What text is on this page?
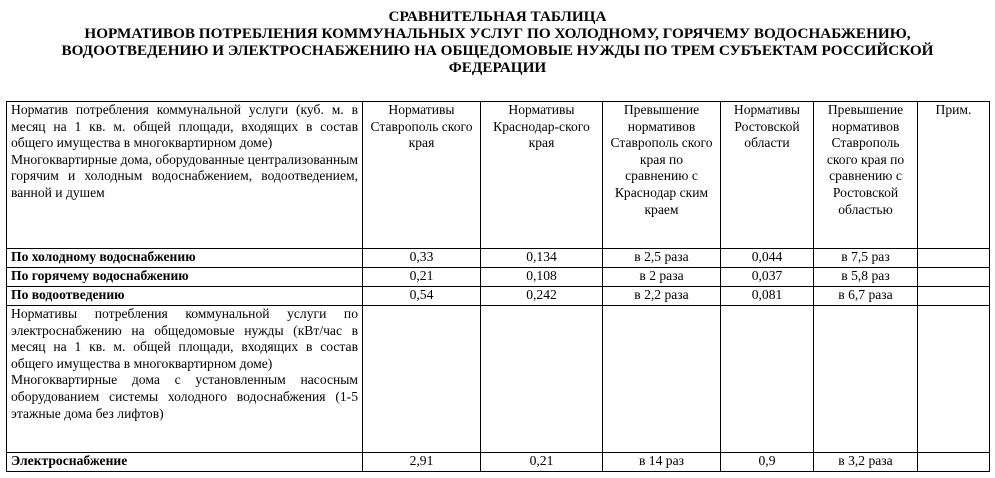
СРАВНИТЕЛЬНАЯ ТАБЛИЦА
НОРМАТИВОВ ПОТРЕБЛЕНИЯ КОММУНАЛЬНЫХ УСЛУГ ПО ХОЛОДНОМУ, ГОРЯЧЕМУ ВОДОСНАБЖЕНИЮ,
ВОДООТВЕДЕНИЮ И ЭЛЕКТРОСНАБЖЕНИЮ НА ОБЩЕДОМОВЫЕ НУЖДЫ ПО ТРЕМ СУБЪЕКТАМ РОССИЙСКОЙ
ФЕДЕРАЦИИ

Норматив потребления коммунальной услуги (куб. м. в месяц на 1 кв. м. общей площади, входящих в состав общего имущества в многоквартирном доме)

Многоквартирные дома, оборудованные централизованным горячим и холодным водоснабжением, водоотведением, ванной и душем	Нормативы Ставрополь ского края	Нормативы Краснодар-ского края	Превышение нормативов Ставрополь ского края по сравнению с Краснодар ским краем	Нормативы Ростовской области	Превышение нормативов Ставрополь ского края по сравнению с Ростовской областью	Прим.
По холодному водоснабжению	0,33	0,134	в 2,5 раза	0,044	в 7,5 раз	
По горячему водоснабжению	0,21	0,108	в 2 раза	0,037	в 5,8 раз	
По водоотведению	0,54	0,242	в 2,2 раза	0,081	в 6,7 раза	

Нормативы потребления коммунальной услуги по электроснабжению на общедомовые нужды (кВт/час в месяц на 1 кв. м. общей площади, входящих в состав общего имущества в многоквартирном доме)

Многоквартирные дома с установленным насосным оборудованием системы холодного водоснабжения (1-5 этажные дома без лифтов)						

Электроснабжение	2,91	0,21	в 14 раз	0,9	в 3,2 раза	
